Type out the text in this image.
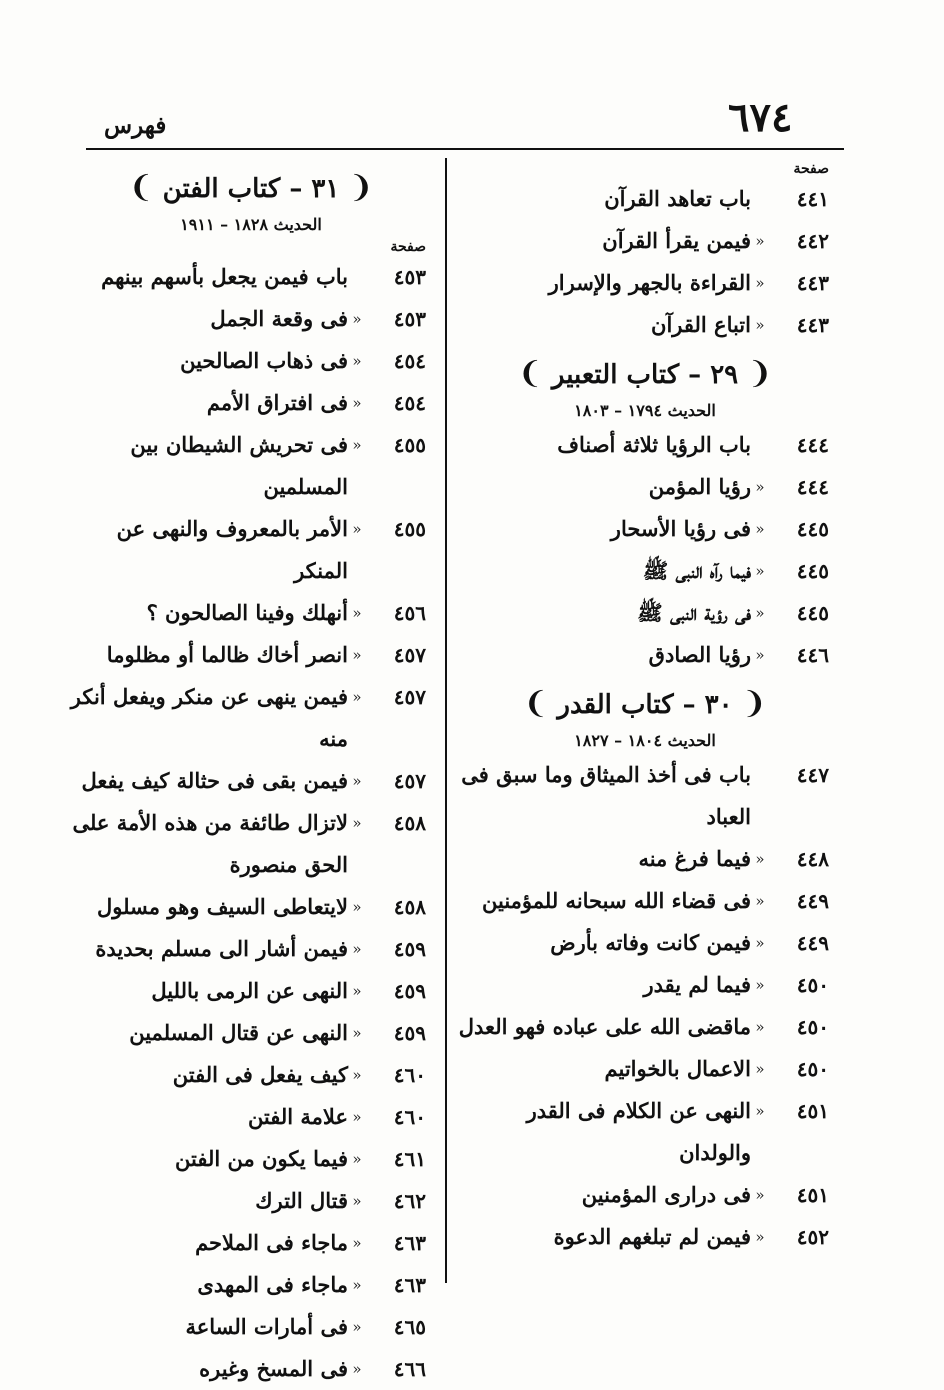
٦٧٤
فهرس
صفحة
٤٤١
باب تعاهد القرآن
٤٤٢
«
فيمن يقرأ القرآن
٤٤٣
«
القراءة بالجهر والإسرار
٤٤٣
«
اتباع القرآن
❨ ٢٩ – كتاب التعبير ❩
الحديث ١٧٩٤ – ١٨٠٣
٤٤٤
باب الرؤيا ثلاثة أصناف
٤٤٤
«
رؤيا المؤمن
٤٤٥
«
فى رؤيا الأسحار
٤٤٥
«
فيما رآه النبى ﷺ
٤٤٥
«
فى رؤية النبى ﷺ
٤٤٦
«
رؤيا الصادق
❨ ٣٠ – كتاب القدر ❩
الحديث ١٨٠٤ – ١٨٢٧
٤٤٧
باب فى أخذ الميثاق وما سبق فى العباد
٤٤٨
«
فيما فرغ منه
٤٤٩
«
فى قضاء الله سبحانه للمؤمنين
٤٤٩
«
فيمن كانت وفاته بأرض
٤٥٠
«
فيما لم يقدر
٤٥٠
«
ماقضى الله على عباده فهو العدل
٤٥٠
«
الاعمال بالخواتيم
٤٥١
«
النهى عن الكلام فى القدر والولدان
٤٥١
«
فى درارى المؤمنين
٤٥٢
«
فيمن لم تبلغهم الدعوة
❨ ٣١ – كتاب الفتن ❩
الحديث ١٨٢٨ – ١٩١١
صفحة
٤٥٣
باب فيمن يجعل بأسهم بينهم
٤٥٣
«
فى وقعة الجمل
٤٥٤
«
فى ذهاب الصالحين
٤٥٤
«
فى افتراق الأمم
٤٥٥
«
فى تحريش الشيطان بين المسلمين
٤٥٥
«
الأمر بالمعروف والنهى عن المنكر
٤٥٦
«
أنهلك وفينا الصالحون ؟
٤٥٧
«
انصر أخاك ظالما أو مظلوما
٤٥٧
«
فيمن ينهى عن منكر ويفعل أنكر منه
٤٥٧
«
فيمن بقى فى حثالة كيف يفعل
٤٥٨
«
لاتزال طائفة من هذه الأمة على الحق منصورة
٤٥٨
«
لايتعاطى السيف وهو مسلول
٤٥٩
«
فيمن أشار الى مسلم بحديدة
٤٥٩
«
النهى عن الرمى بالليل
٤٥٩
«
النهى عن قتال المسلمين
٤٦٠
«
كيف يفعل فى الفتن
٤٦٠
«
علامة الفتن
٤٦١
«
فيما يكون من الفتن
٤٦٢
«
قتال الترك
٤٦٣
«
ماجاء فى الملاحم
٤٦٣
«
ماجاء فى المهدى
٤٦٥
«
فى أمارات الساعة
٤٦٦
«
فى المسخ وغيره
